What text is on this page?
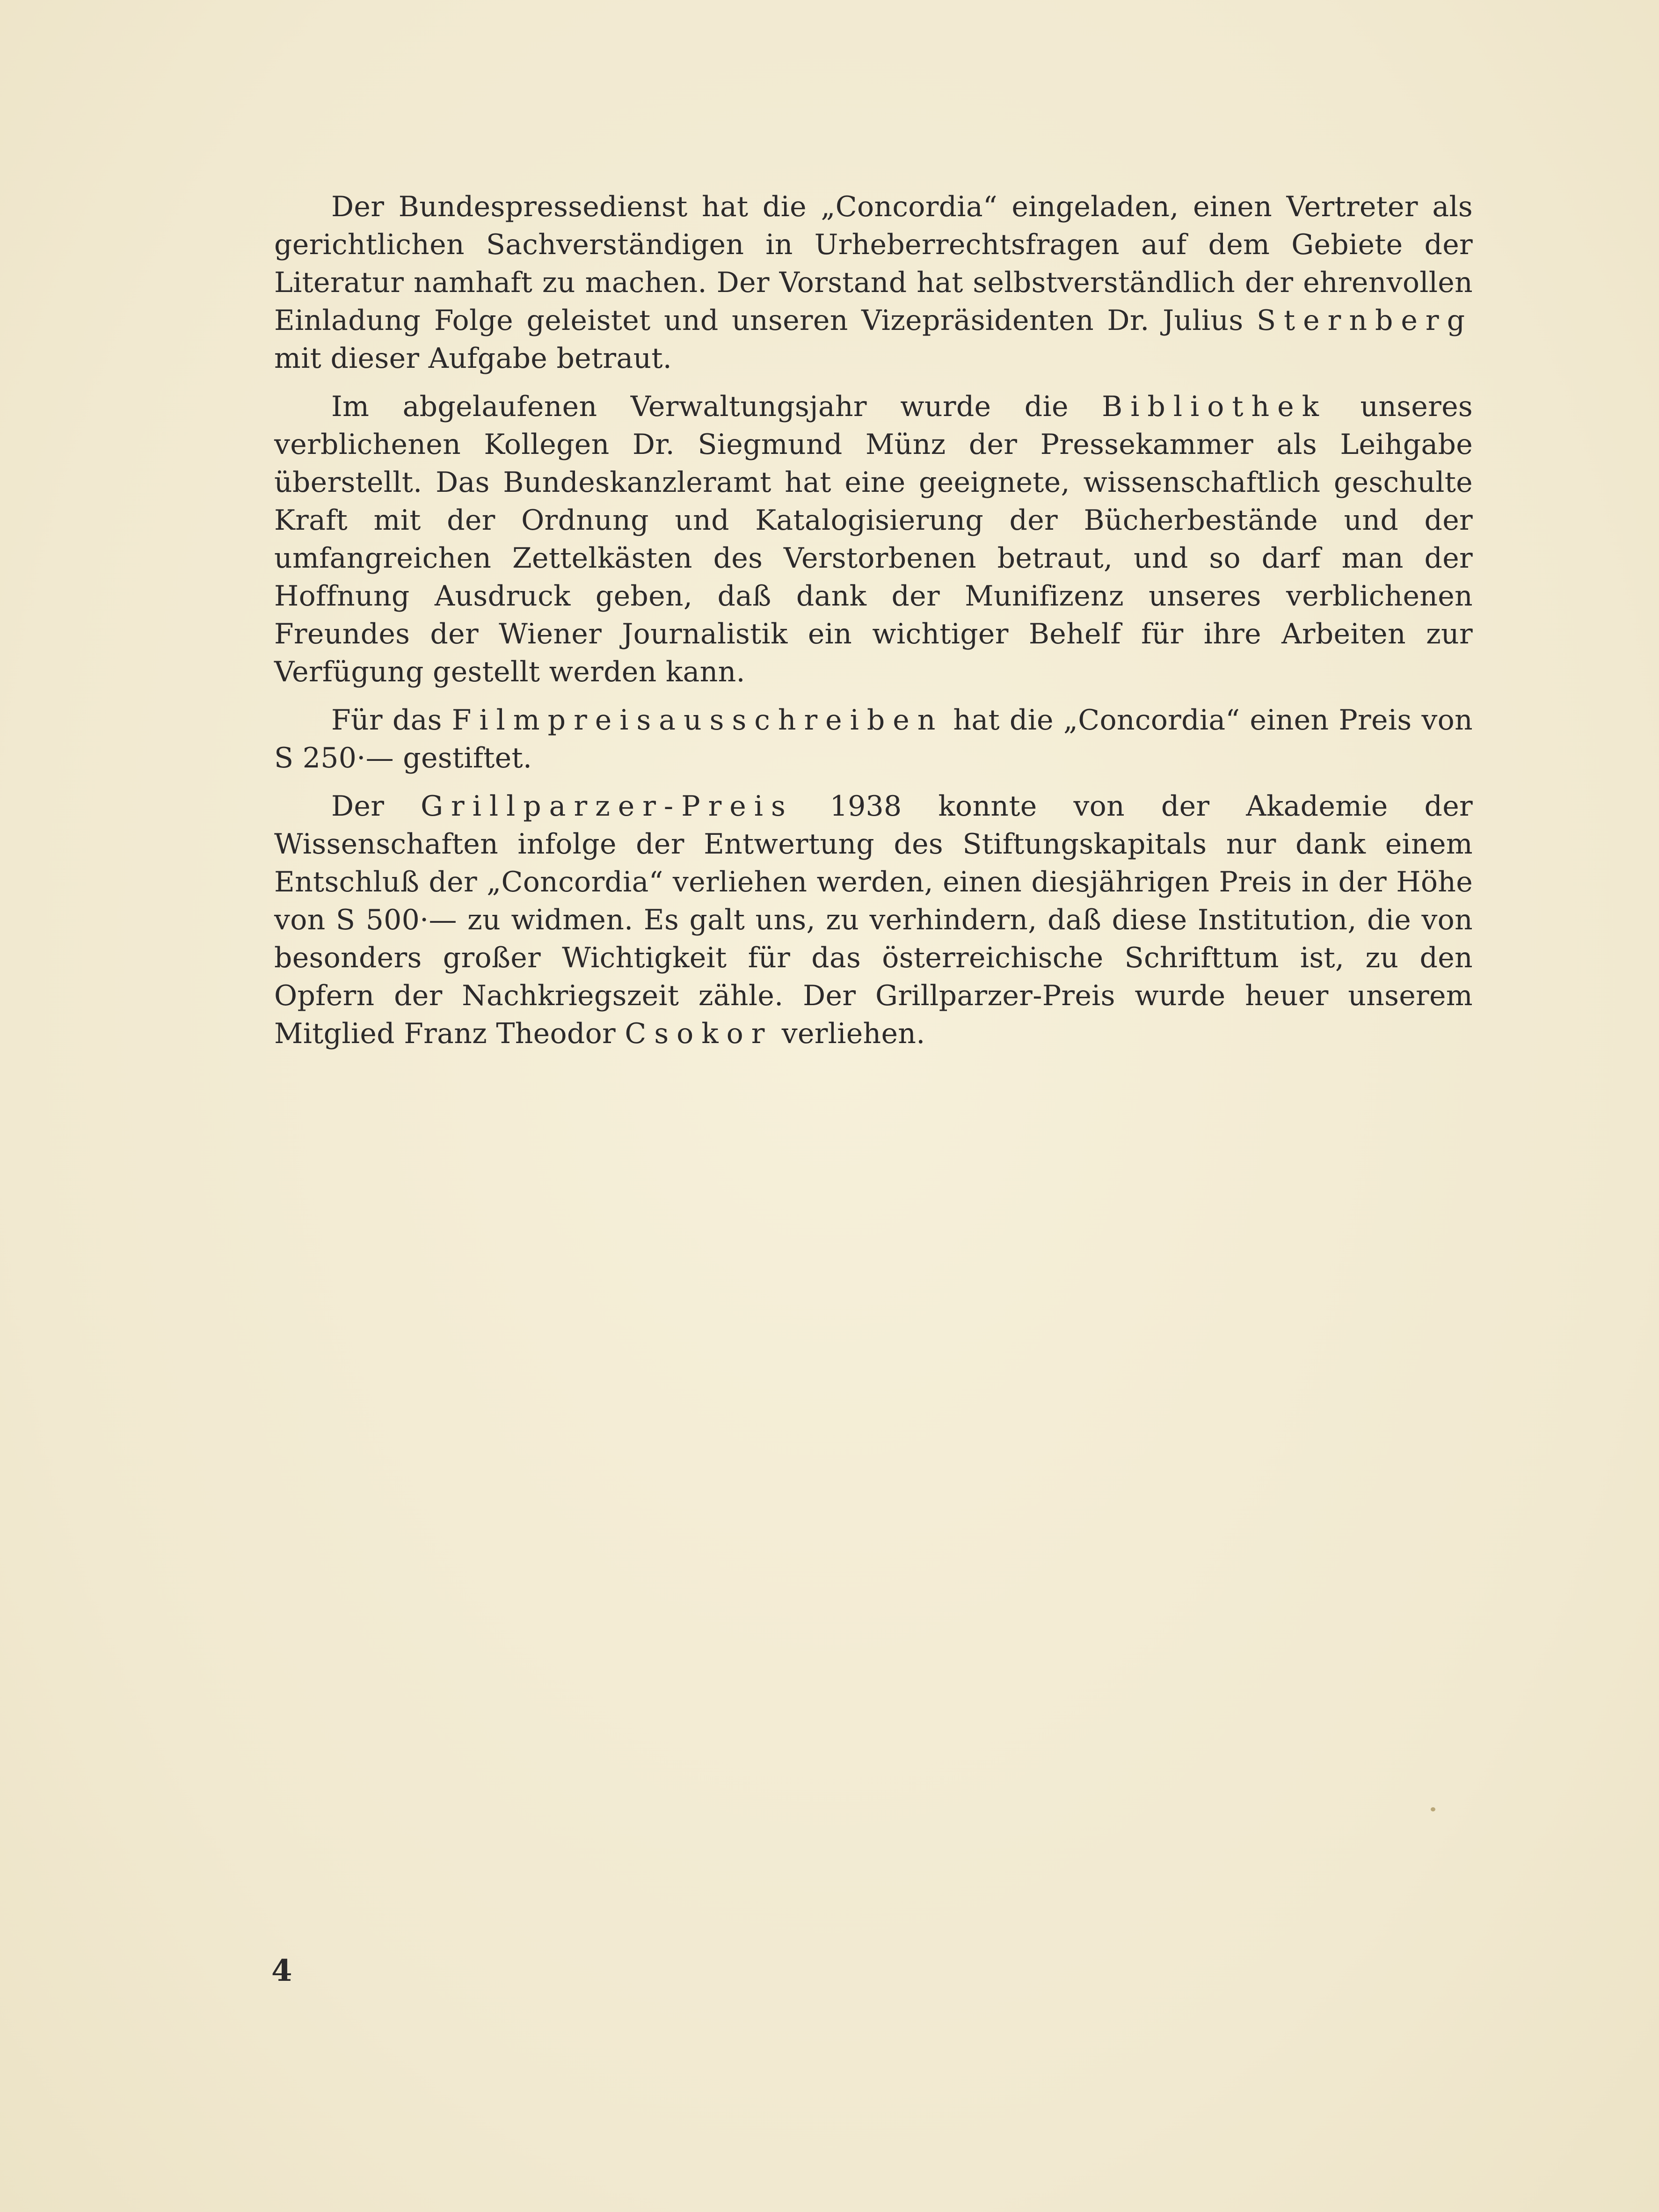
Der Bundespressedienst hat die „Concordia“ eingeladen, einen Vertreter als gerichtlichen Sachverständigen in Urheberrechtsfragen auf dem Gebiete der Literatur namhaft zu machen. Der Vorstand hat selbstverständlich der ehrenvollen Einladung Folge geleistet und unseren Vizepräsidenten Dr. Julius Sternberg mit dieser Aufgabe betraut.

Im abgelaufenen Verwaltungsjahr wurde die Bibliothek unseres verblichenen Kollegen Dr. Siegmund Münz der Pressekammer als Leihgabe überstellt. Das Bundeskanzleramt hat eine geeignete, wissenschaftlich geschulte Kraft mit der Ordnung und Katalogisierung der Bücherbestände und der umfangreichen Zettelkästen des Verstorbenen betraut, und so darf man der Hoffnung Ausdruck geben, daß dank der Munifizenz unseres verblichenen Freundes der Wiener Journalistik ein wichtiger Behelf für ihre Arbeiten zur Verfügung gestellt werden kann.

Für das Filmpreisausschreiben hat die „Concordia“ einen Preis von S 250·— gestiftet.

Der Grillparzer-Preis 1938 konnte von der Akademie der Wissenschaften infolge der Entwertung des Stiftungskapitals nur dank einem Entschluß der „Concordia“ verliehen werden, einen diesjährigen Preis in der Höhe von S 500·— zu widmen. Es galt uns, zu verhindern, daß diese Institution, die von besonders großer Wichtigkeit für das österreichische Schrifttum ist, zu den Opfern der Nachkriegszeit zähle. Der Grillparzer-Preis wurde heuer unserem Mitglied Franz Theodor Csokor verliehen.

4
